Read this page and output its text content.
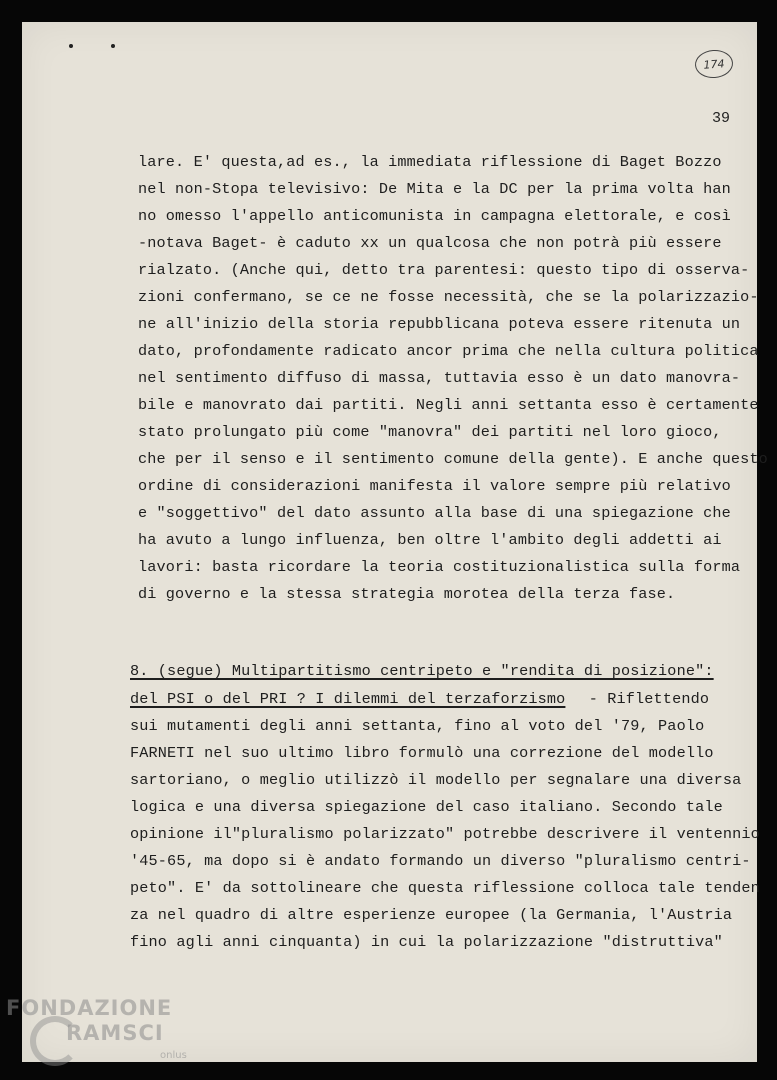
174
39
lare. E' questa,ad es., la immediata riflessione di Baget Bozzo
nel non-Stopa televisivo: De Mita e la DC per la prima volta han
no omesso l'appello anticomunista in campagna elettorale, e così
-notava Baget- è caduto xx un qualcosa che non potrà più essere
rialzato. (Anche qui, detto tra parentesi: questo tipo di osserva-
zioni confermano, se ce ne fosse necessità, che se la polarizzazio-
ne all'inizio della storia repubblicana poteva essere ritenuta un
dato, profondamente radicato ancor prima che nella cultura politica
nel sentimento diffuso di massa, tuttavia esso è un dato manovra-
bile e manovrato dai partiti. Negli anni settanta esso è certamente
stato prolungato più come "manovra" dei partiti nel loro gioco,
che per il senso e il sentimento comune della gente). E anche questo
ordine di considerazioni manifesta il valore sempre più relativo
e "soggettivo" del dato assunto alla base di una spiegazione che
ha avuto a lungo influenza, ben oltre l'ambito degli addetti ai
lavori: basta ricordare la teoria costituzionalistica sulla forma
di governo e la stessa strategia morotea della terza fase.
8. (segue) Multipartitismo centripeto e "rendita di posizione":
del PSI o del PRI ? I dilemmi del terzaforzismo - Riflettendo
sui mutamenti degli anni settanta, fino al voto del '79, Paolo
FARNETI nel suo ultimo libro formulò una correzione del modello
sartoriano, o meglio utilizzò il modello per segnalare una diversa
logica e una diversa spiegazione del caso italiano. Secondo tale
opinione il"pluralismo polarizzato" potrebbe descrivere il ventennio
'45-65, ma dopo si è andato formando un diverso "pluralismo centri-
peto". E' da sottolineare che questa riflessione colloca tale tenden
za nel quadro di altre esperienze europee (la Germania, l'Austria
fino agli anni cinquanta) in cui la polarizzazione "distruttiva"
FONDAZIONE
RAMSCI
onlus
